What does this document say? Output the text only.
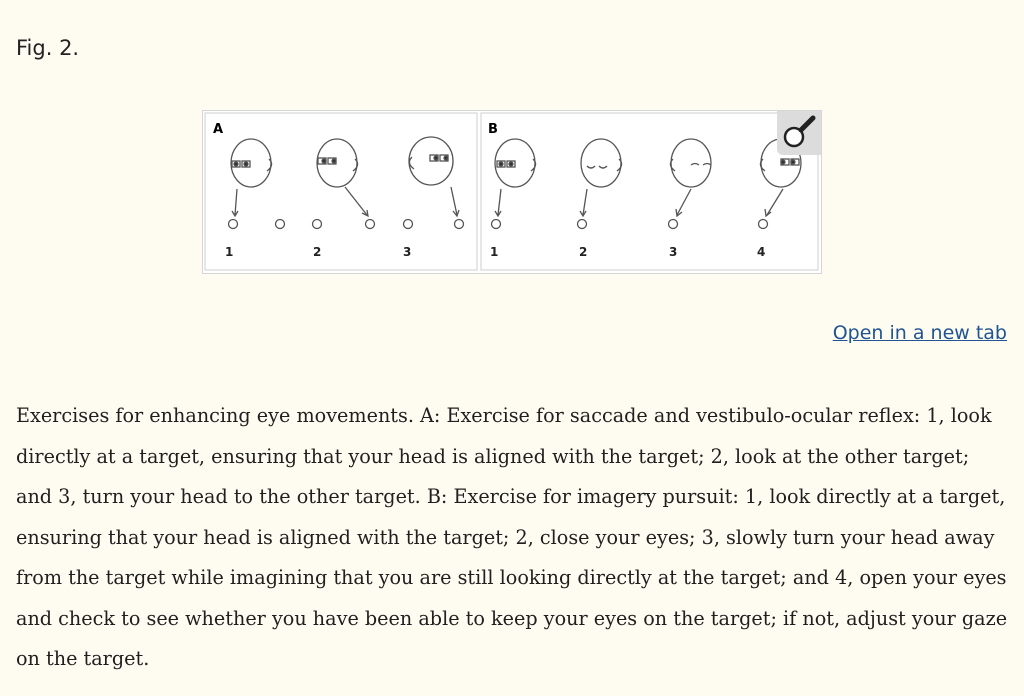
Fig. 2.
A	B
1	2	3	1	2	3	4
Open in a new tab

Exercises for enhancing eye movements. A: Exercise for saccade and vestibulo-ocular reflex: 1, look directly at a target, ensuring that your head is aligned with the target; 2, look at the other target; and 3, turn your head to the other target. B: Exercise for imagery pursuit: 1, look directly at a target, ensuring that your head is aligned with the target; 2, close your eyes; 3, slowly turn your head away from the target while imagining that you are still looking directly at the target; and 4, open your eyes and check to see whether you have been able to keep your eyes on the target; if not, adjust your gaze on the target.
